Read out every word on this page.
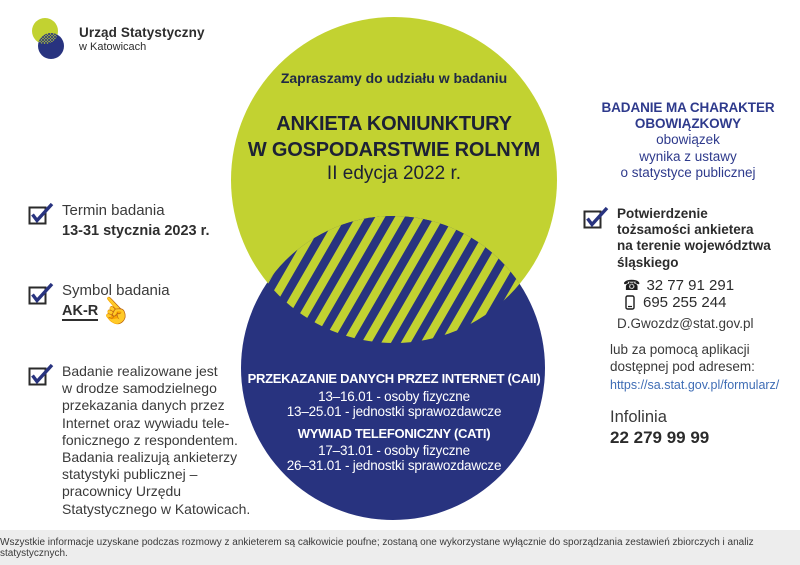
Urząd Statystyczny
w Katowicach
Zapraszamy do udziału w badaniu
ANKIETA KONIUNKTURY
W GOSPODARSTWIE ROLNYM
II edycja 2022 r.
PRZEKAZANIE DANYCH PRZEZ INTERNET (CAII)
13–16.01 - osoby fizyczne
13–25.01 - jednostki sprawozdawcze
WYWIAD TELEFONICZNY (CATI)
17–31.01 - osoby fizyczne
26–31.01 - jednostki sprawozdawcze
Termin badania
13-31 stycznia 2023 r.
Symbol badania
AK-R
☝
Badanie realizowane jest
w drodze samodzielnego
przekazania danych przez
Internet oraz wywiadu tele-
fonicznego z respondentem.
Badania realizują ankieterzy
statystyki publicznej –
pracownicy Urzędu
Statystycznego w Katowicach.
BADANIE MA CHARAKTER
OBOWIĄZKOWY
obowiązek
wynika z ustawy
o statystyce publicznej
Potwierdzenie
tożsamości ankietera
na terenie województwa
śląskiego
☎ 32 77 91 291
695 255 244
D.Gwozdz@stat.gov.pl
lub za pomocą aplikacji
dostępnej pod adresem:
https://sa.stat.gov.pl/formularz/
Infolinia
22 279 99 99
Wszystkie informacje uzyskane podczas rozmowy z ankieterem są całkowicie poufne; zostaną one wykorzystane wyłącznie do sporządzania zestawień zbiorczych i analiz statystycznych.
